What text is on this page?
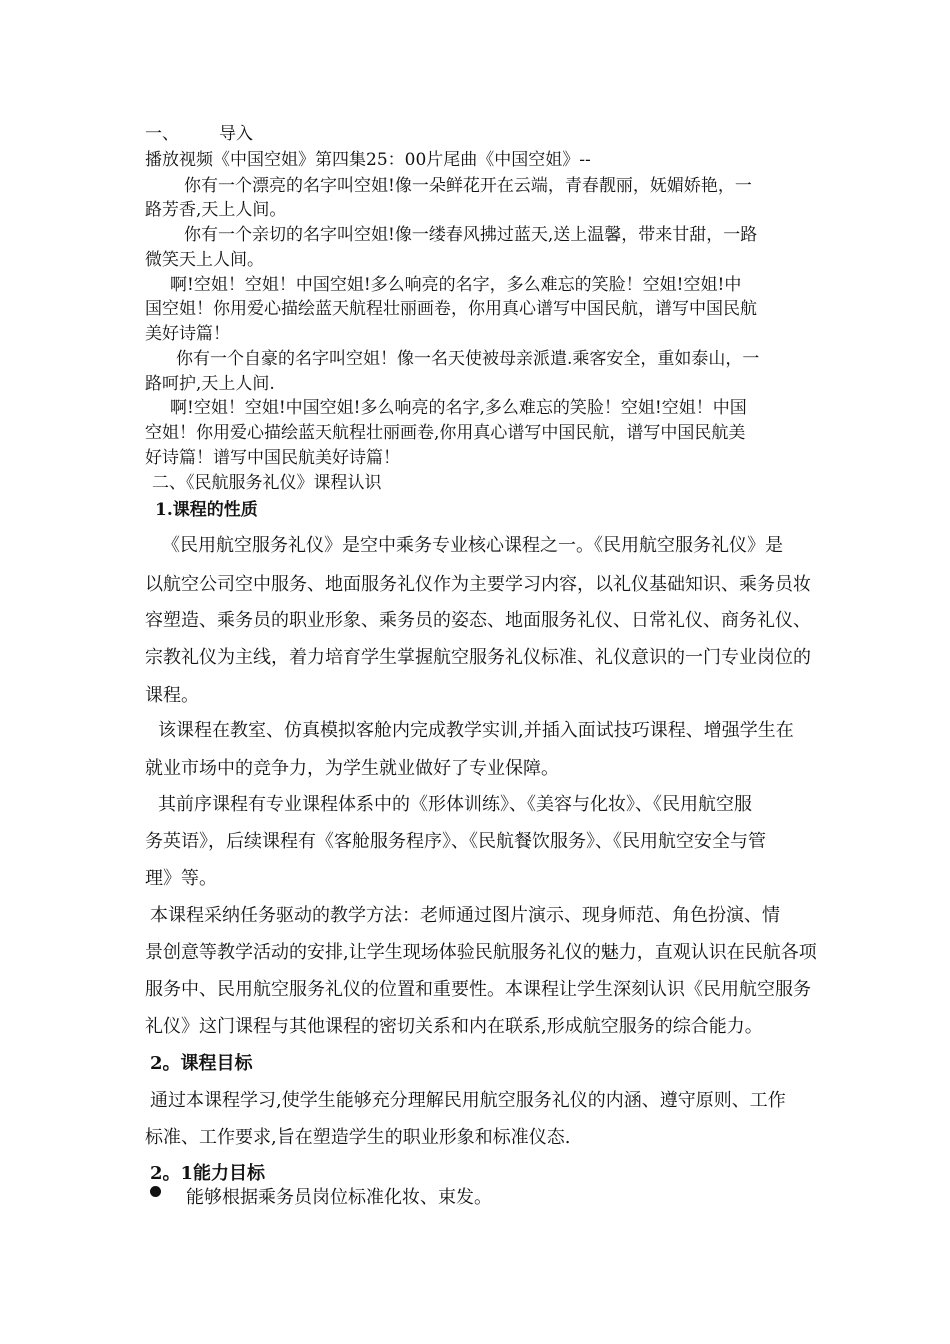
一、 导入
播放视频《中国空姐》第四集25：00片尾曲《中国空姐》--
你有一个漂亮的名字叫空姐!像一朵鲜花开在云端，青春靓丽，妩媚娇艳，一
路芳香,天上人间。
你有一个亲切的名字叫空姐!像一缕春风拂过蓝天,送上温馨，带来甘甜，一路
微笑天上人间。
啊!空姐！空姐！中国空姐!多么响亮的名字，多么难忘的笑脸！空姐!空姐!中
国空姐！你用爱心描绘蓝天航程壮丽画卷，你用真心谱写中国民航，谱写中国民航
美好诗篇！
你有一个自豪的名字叫空姐！像一名天使被母亲派遣.乘客安全，重如泰山，一
路呵护,天上人间.
啊!空姐！空姐!中国空姐!多么响亮的名字,多么难忘的笑脸！空姐!空姐！中国
空姐！你用爱心描绘蓝天航程壮丽画卷,你用真心谱写中国民航，谱写中国民航美
好诗篇！谱写中国民航美好诗篇！
二、《民航服务礼仪》课程认识
1.课程的性质
《民用航空服务礼仪》是空中乘务专业核心课程之一。《民用航空服务礼仪》是
以航空公司空中服务、地面服务礼仪作为主要学习内容，以礼仪基础知识、乘务员妆
容塑造、乘务员的职业形象、乘务员的姿态、地面服务礼仪、日常礼仪、商务礼仪、
宗教礼仪为主线，着力培育学生掌握航空服务礼仪标准、礼仪意识的一门专业岗位的
课程。
该课程在教室、仿真模拟客舱内完成教学实训,并插入面试技巧课程、增强学生在
就业市场中的竞争力，为学生就业做好了专业保障。
其前序课程有专业课程体系中的《形体训练》、《美容与化妆》、《民用航空服
务英语》，后续课程有《客舱服务程序》、《民航餐饮服务》、《民用航空安全与管
理》等。
本课程采纳任务驱动的教学方法：老师通过图片演示、现身师范、角色扮演、情
景创意等教学活动的安排,让学生现场体验民航服务礼仪的魅力，直观认识在民航各项
服务中、民用航空服务礼仪的位置和重要性。本课程让学生深刻认识《民用航空服务
礼仪》这门课程与其他课程的密切关系和内在联系,形成航空服务的综合能力。
2。课程目标
通过本课程学习,使学生能够充分理解民用航空服务礼仪的内涵、遵守原则、工作
标准、工作要求,旨在塑造学生的职业形象和标准仪态.
2。1能力目标
能够根据乘务员岗位标准化妆、束发。
